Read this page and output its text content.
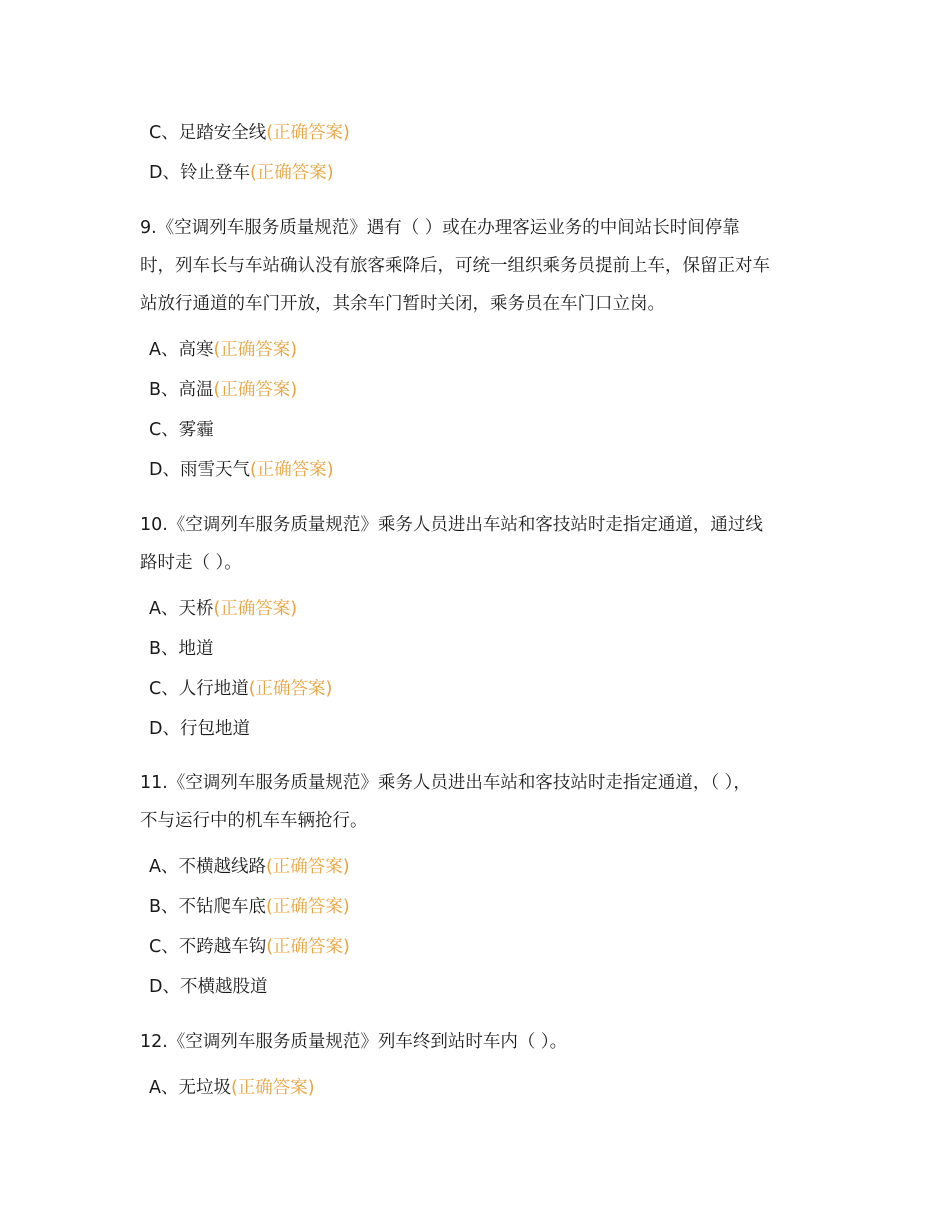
C、足踏安全线(正确答案)
D、铃止登车(正确答案)
9.《空调列车服务质量规范》遇有（ ）或在办理客运业务的中间站长时间停靠
时，列车长与车站确认没有旅客乘降后，可统一组织乘务员提前上车，保留正对车
站放行通道的车门开放，其余车门暂时关闭，乘务员在车门口立岗。
A、高寒(正确答案)
B、高温(正确答案)
C、雾霾
D、雨雪天气(正确答案)
10.《空调列车服务质量规范》乘务人员进出车站和客技站时走指定通道，通过线
路时走（ ）。
A、天桥(正确答案)
B、地道
C、人行地道(正确答案)
D、行包地道
11.《空调列车服务质量规范》乘务人员进出车站和客技站时走指定通道，（ ），
不与运行中的机车车辆抢行。
A、不横越线路(正确答案)
B、不钻爬车底(正确答案)
C、不跨越车钩(正确答案)
D、不横越股道
12.《空调列车服务质量规范》列车终到站时车内（ ）。
A、无垃圾(正确答案)
